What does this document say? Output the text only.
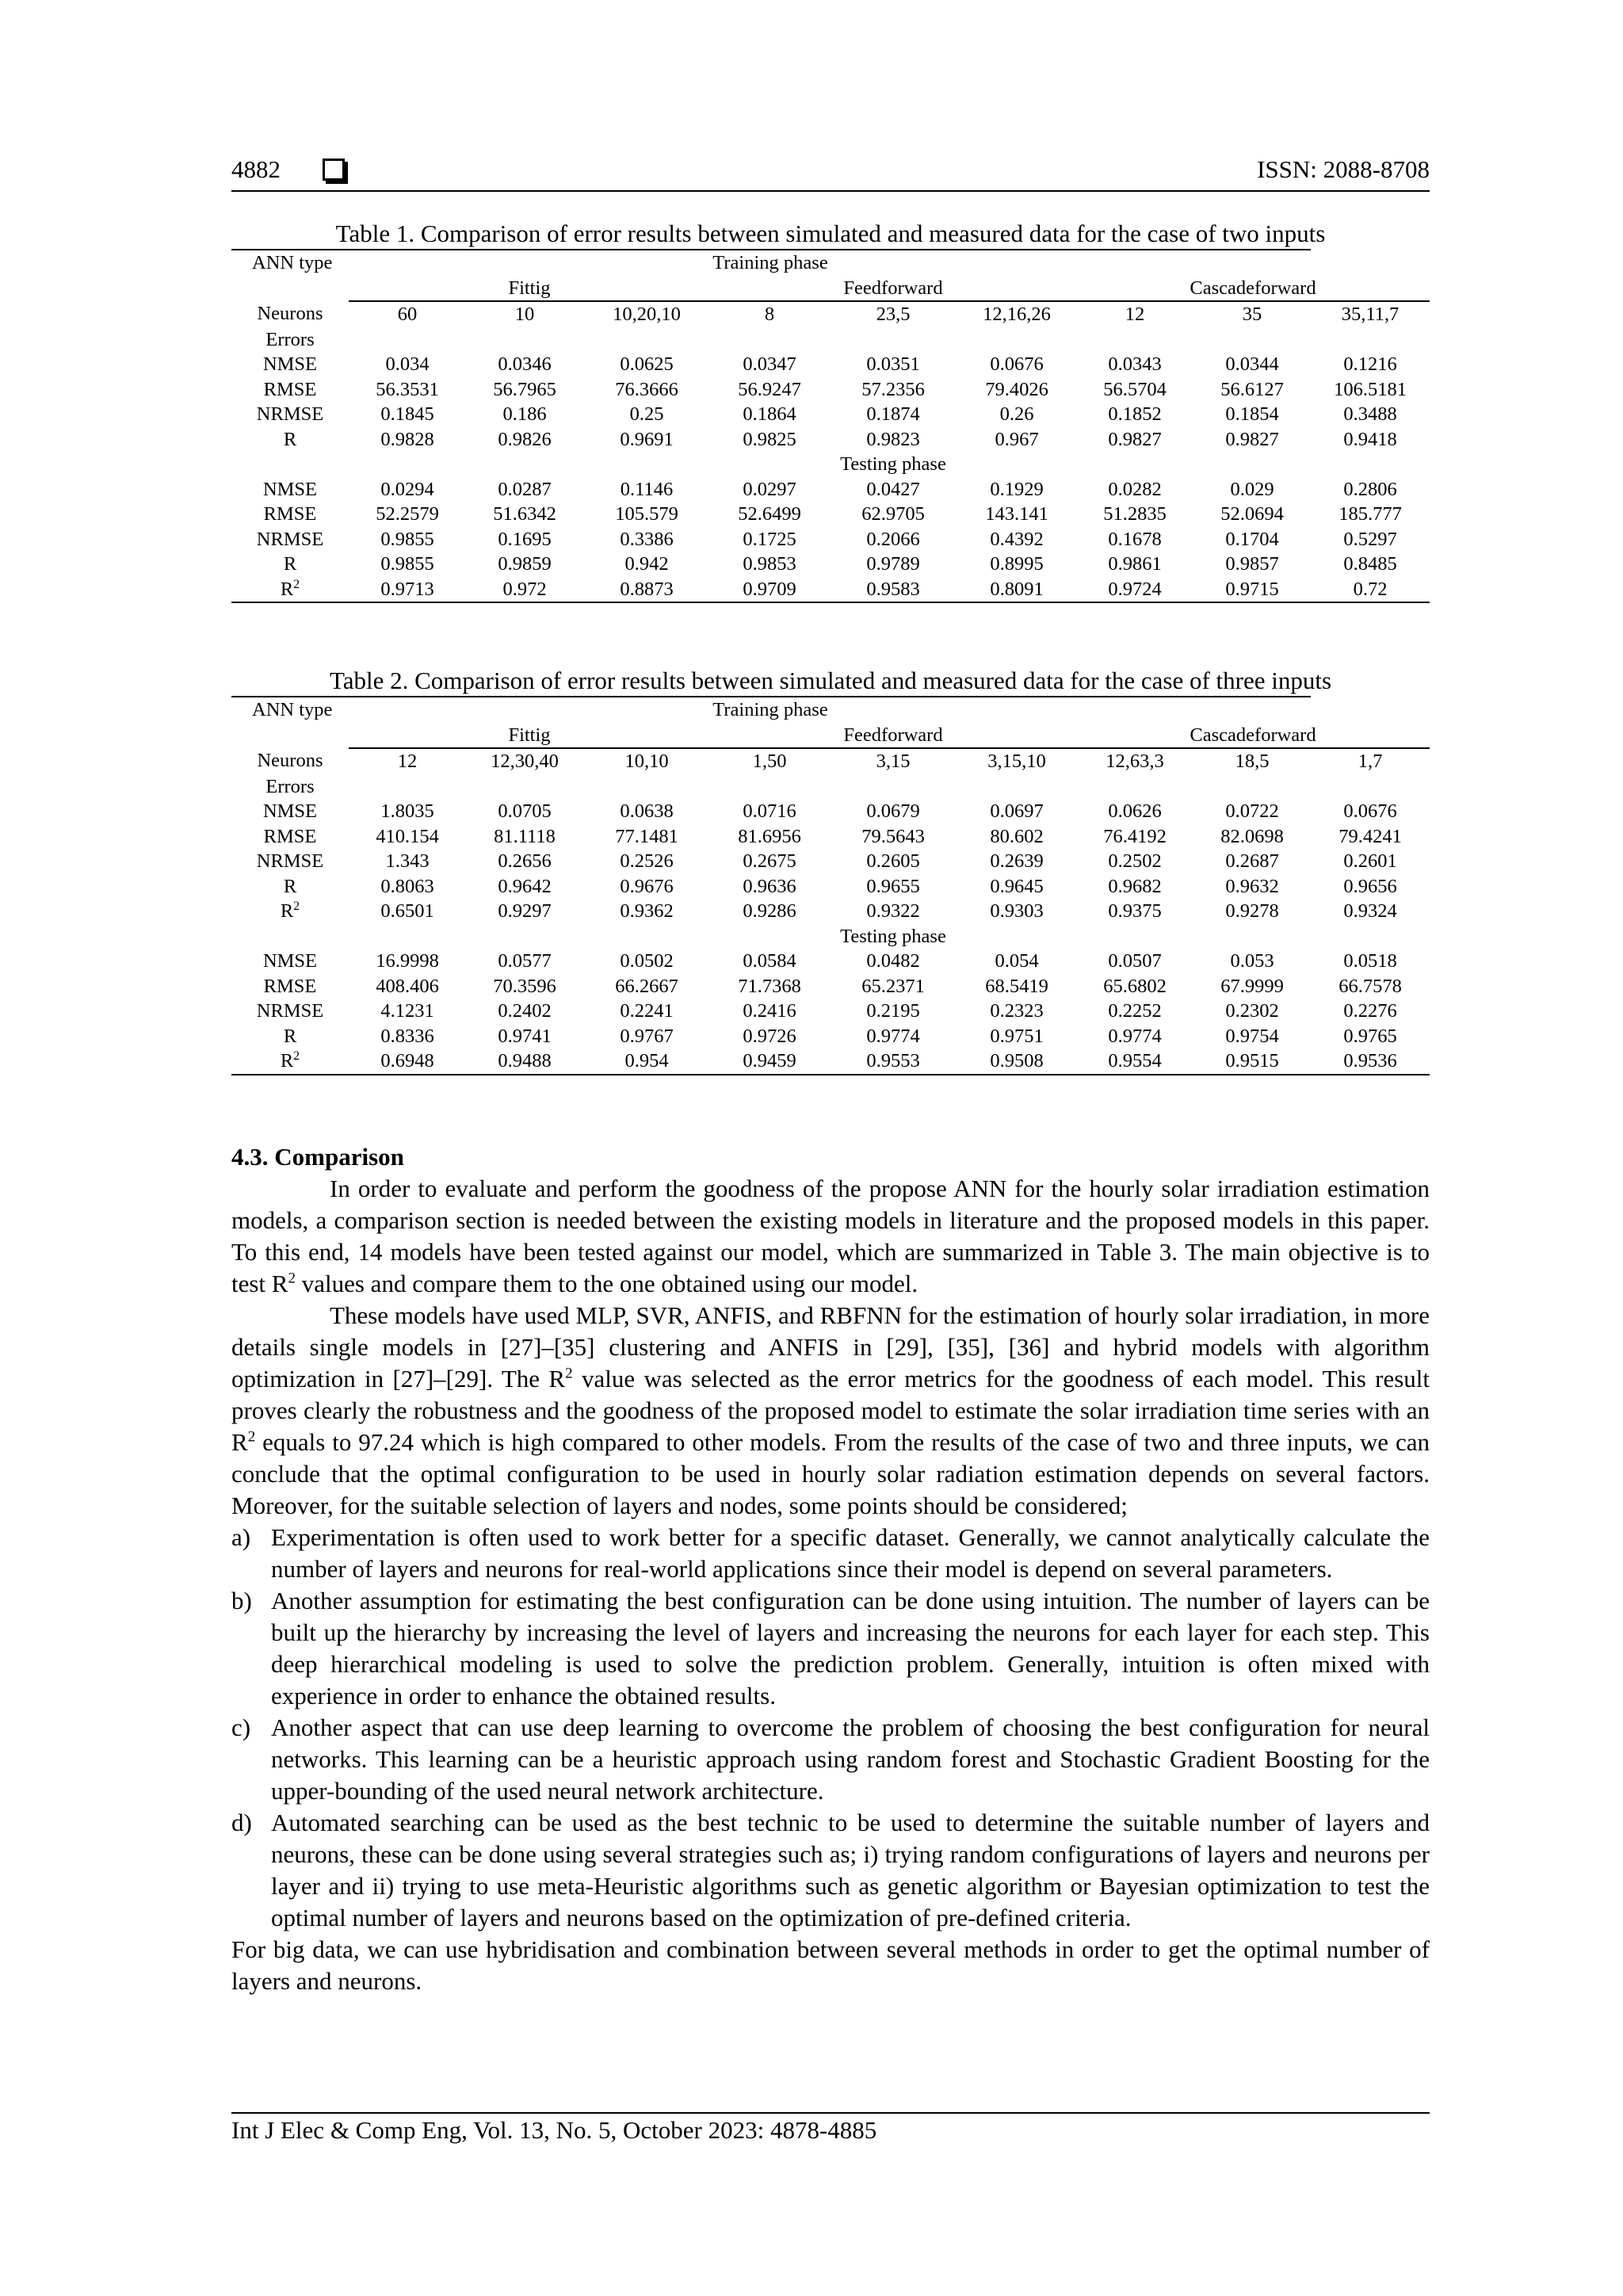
4882	ISSN: 2088-8708
Table 1. Comparison of error results between simulated and measured data for the case of two inputs
ANN type			Training phase						
	Fittig			Feedforward			Cascadeforward		
Neurons	60	10	10,20,10	8	23,5	12,16,26	12	35	35,11,7
Errors									
NMSE	0.034	0.0346	0.0625	0.0347	0.0351	0.0676	0.0343	0.0344	0.1216
RMSE	56.3531	56.7965	76.3666	56.9247	57.2356	79.4026	56.5704	56.6127	106.5181
NRMSE	0.1845	0.186	0.25	0.1864	0.1874	0.26	0.1852	0.1854	0.3488
R	0.9828	0.9826	0.9691	0.9825	0.9823	0.967	0.9827	0.9827	0.9418
				Testing phase					
NMSE	0.0294	0.0287	0.1146	0.0297	0.0427	0.1929	0.0282	0.029	0.2806
RMSE	52.2579	51.6342	105.579	52.6499	62.9705	143.141	51.2835	52.0694	185.777
NRMSE	0.9855	0.1695	0.3386	0.1725	0.2066	0.4392	0.1678	0.1704	0.5297
R	0.9855	0.9859	0.942	0.9853	0.9789	0.8995	0.9861	0.9857	0.8485
$R^2$	0.9713	0.972	0.8873	0.9709	0.9583	0.8091	0.9724	0.9715	0.72
Table 2. Comparison of error results between simulated and measured data for the case of three inputs
ANN type			Training phase						
	Fittig			Feedforward			Cascadeforward		
Neurons	12	12,30,40	10,10	1,50	3,15	3,15,10	12,63,3	18,5	1,7
Errors									
NMSE	1.8035	0.0705	0.0638	0.0716	0.0679	0.0697	0.0626	0.0722	0.0676
RMSE	410.154	81.1118	77.1481	81.6956	79.5643	80.602	76.4192	82.0698	79.4241
NRMSE	1.343	0.2656	0.2526	0.2675	0.2605	0.2639	0.2502	0.2687	0.2601
R	0.8063	0.9642	0.9676	0.9636	0.9655	0.9645	0.9682	0.9632	0.9656
$R^2$	0.6501	0.9297	0.9362	0.9286	0.9322	0.9303	0.9375	0.9278	0.9324
				Testing phase					
NMSE	16.9998	0.0577	0.0502	0.0584	0.0482	0.054	0.0507	0.053	0.0518
RMSE	408.406	70.3596	66.2667	71.7368	65.2371	68.5419	65.6802	67.9999	66.7578
NRMSE	4.1231	0.2402	0.2241	0.2416	0.2195	0.2323	0.2252	0.2302	0.2276
R	0.8336	0.9741	0.9767	0.9726	0.9774	0.9751	0.9774	0.9754	0.9765
$R^2$	0.6948	0.9488	0.954	0.9459	0.9553	0.9508	0.9554	0.9515	0.9536
4.3. Comparison
In order to evaluate and perform the goodness of the propose ANN for the hourly solar irradiation estimation models, a comparison section is needed between the existing models in literature and the proposed models in this paper. To this end, 14 models have been tested against our model, which are summarized in Table 3. The main objective is to test $R^2$ values and compare them to the one obtained using our model.
These models have used MLP, SVR, ANFIS, and RBFNN for the estimation of hourly solar irradiation, in more details single models in [27]–[35] clustering and ANFIS in [29], [35], [36] and hybrid models with algorithm optimization in [27]–[29]. The $R^2$ value was selected as the error metrics for the goodness of each model. This result proves clearly the robustness and the goodness of the proposed model to estimate the solar irradiation time series with an $R^2$ equals to 97.24 which is high compared to other models. From the results of the case of two and three inputs, we can conclude that the optimal configuration to be used in hourly solar radiation estimation depends on several factors. Moreover, for the suitable selection of layers and nodes, some points should be considered;
a) Experimentation is often used to work better for a specific dataset. Generally, we cannot analytically calculate the number of layers and neurons for real-world applications since their model is depend on several parameters.
b) Another assumption for estimating the best configuration can be done using intuition. The number of layers can be built up the hierarchy by increasing the level of layers and increasing the neurons for each layer for each step. This deep hierarchical modeling is used to solve the prediction problem. Generally, intuition is often mixed with experience in order to enhance the obtained results.
c) Another aspect that can use deep learning to overcome the problem of choosing the best configuration for neural networks. This learning can be a heuristic approach using random forest and Stochastic Gradient Boosting for the upper-bounding of the used neural network architecture.
d) Automated searching can be used as the best technic to be used to determine the suitable number of layers and neurons, these can be done using several strategies such as; i) trying random configurations of layers and neurons per layer and ii) trying to use meta-Heuristic algorithms such as genetic algorithm or Bayesian optimization to test the optimal number of layers and neurons based on the optimization of pre-defined criteria.
For big data, we can use hybridisation and combination between several methods in order to get the optimal number of layers and neurons.
Int J Elec & Comp Eng, Vol. 13, No. 5, October 2023: 4878-4885
